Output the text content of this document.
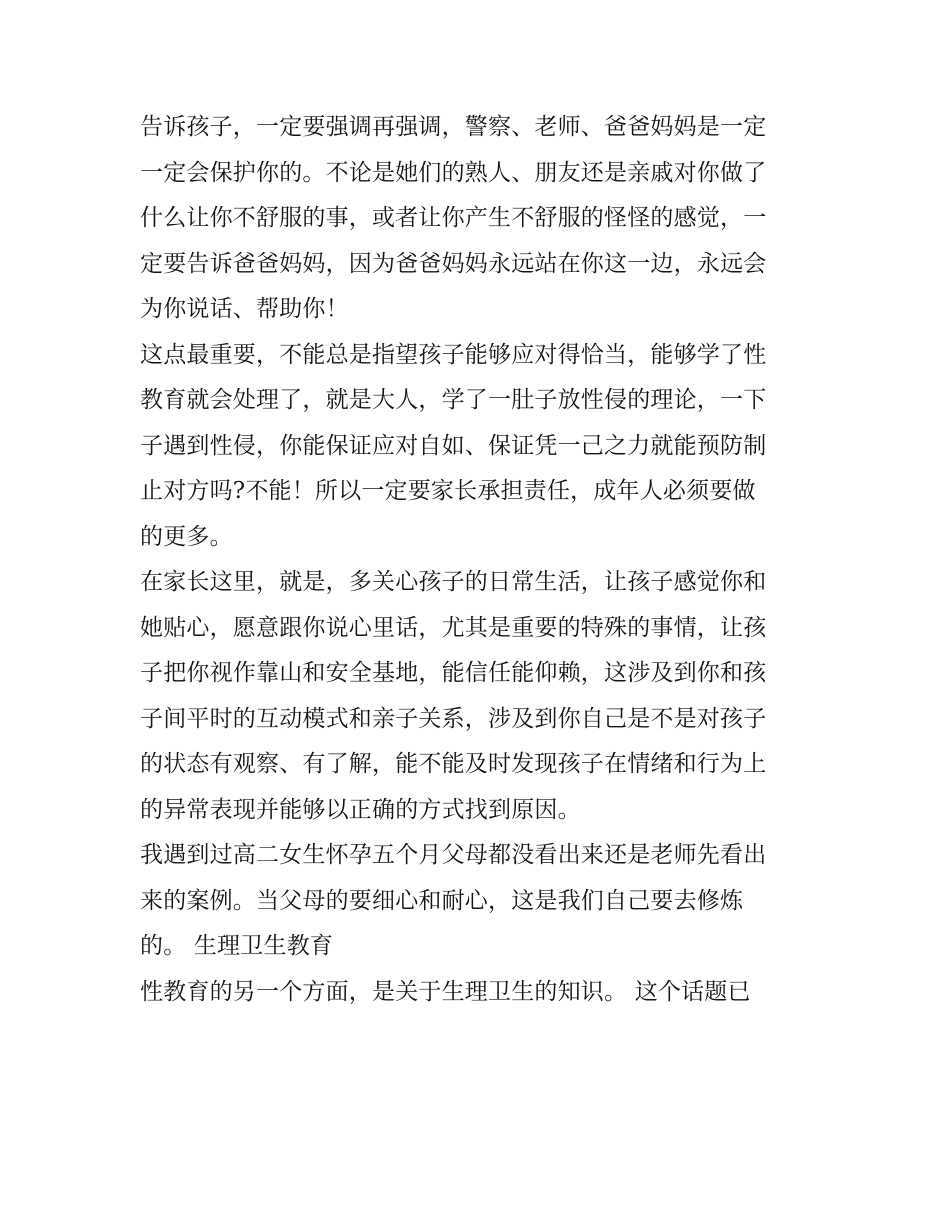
告诉孩子，一定要强调再强调，警察、老师、爸爸妈妈是一定
一定会保护你的。不论是她们的熟人、朋友还是亲戚对你做了
什么让你不舒服的事，或者让你产生不舒服的怪怪的感觉，一
定要告诉爸爸妈妈，因为爸爸妈妈永远站在你这一边，永远会
为你说话、帮助你！
这点最重要，不能总是指望孩子能够应对得恰当，能够学了性
教育就会处理了，就是大人，学了一肚子放性侵的理论，一下
子遇到性侵，你能保证应对自如、保证凭一己之力就能预防制
止对方吗?不能！所以一定要家长承担责任，成年人必须要做
的更多。
在家长这里，就是，多关心孩子的日常生活，让孩子感觉你和
她贴心，愿意跟你说心里话，尤其是重要的特殊的事情，让孩
子把你视作靠山和安全基地，能信任能仰赖，这涉及到你和孩
子间平时的互动模式和亲子关系，涉及到你自己是不是对孩子
的状态有观察、有了解，能不能及时发现孩子在情绪和行为上
的异常表现并能够以正确的方式找到原因。
我遇到过高二女生怀孕五个月父母都没看出来还是老师先看出
来的案例。当父母的要细心和耐心，这是我们自己要去修炼
的。 生理卫生教育
性教育的另一个方面，是关于生理卫生的知识。 这个话题已
